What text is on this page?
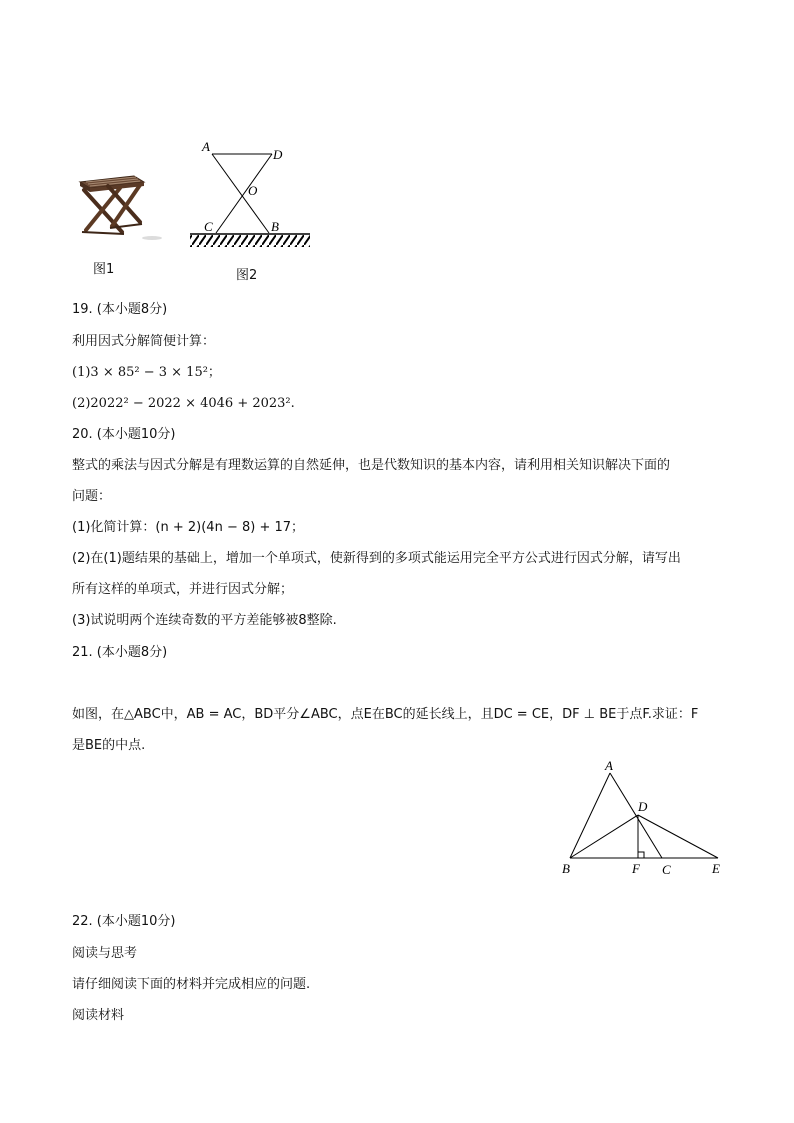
图1
A
D
O
C	B
图2
19. (本小题8分)
利用因式分解简便计算：
(1)3 × 85² − 3 × 15²；
(2)2022² − 2022 × 4046 + 2023².
20. (本小题10分)
整式的乘法与因式分解是有理数运算的自然延伸，也是代数知识的基本内容，请利用相关知识解决下面的
问题：
(1)化简计算：(n + 2)(4n − 8) + 17；
(2)在(1)题结果的基础上，增加一个单项式，使新得到的多项式能运用完全平方公式进行因式分解，请写出
所有这样的单项式，并进行因式分解；
(3)试说明两个连续奇数的平方差能够被8整除.
21. (本小题8分)
如图，在△ABC中，AB = AC，BD平分∠ABC，点E在BC的延长线上，且DC = CE，DF ⊥ BE于点F.求证：F
是BE的中点.
A
D
B	F C	E
22. (本小题10分)
阅读与思考
请仔细阅读下面的材料并完成相应的问题.
阅读材料
